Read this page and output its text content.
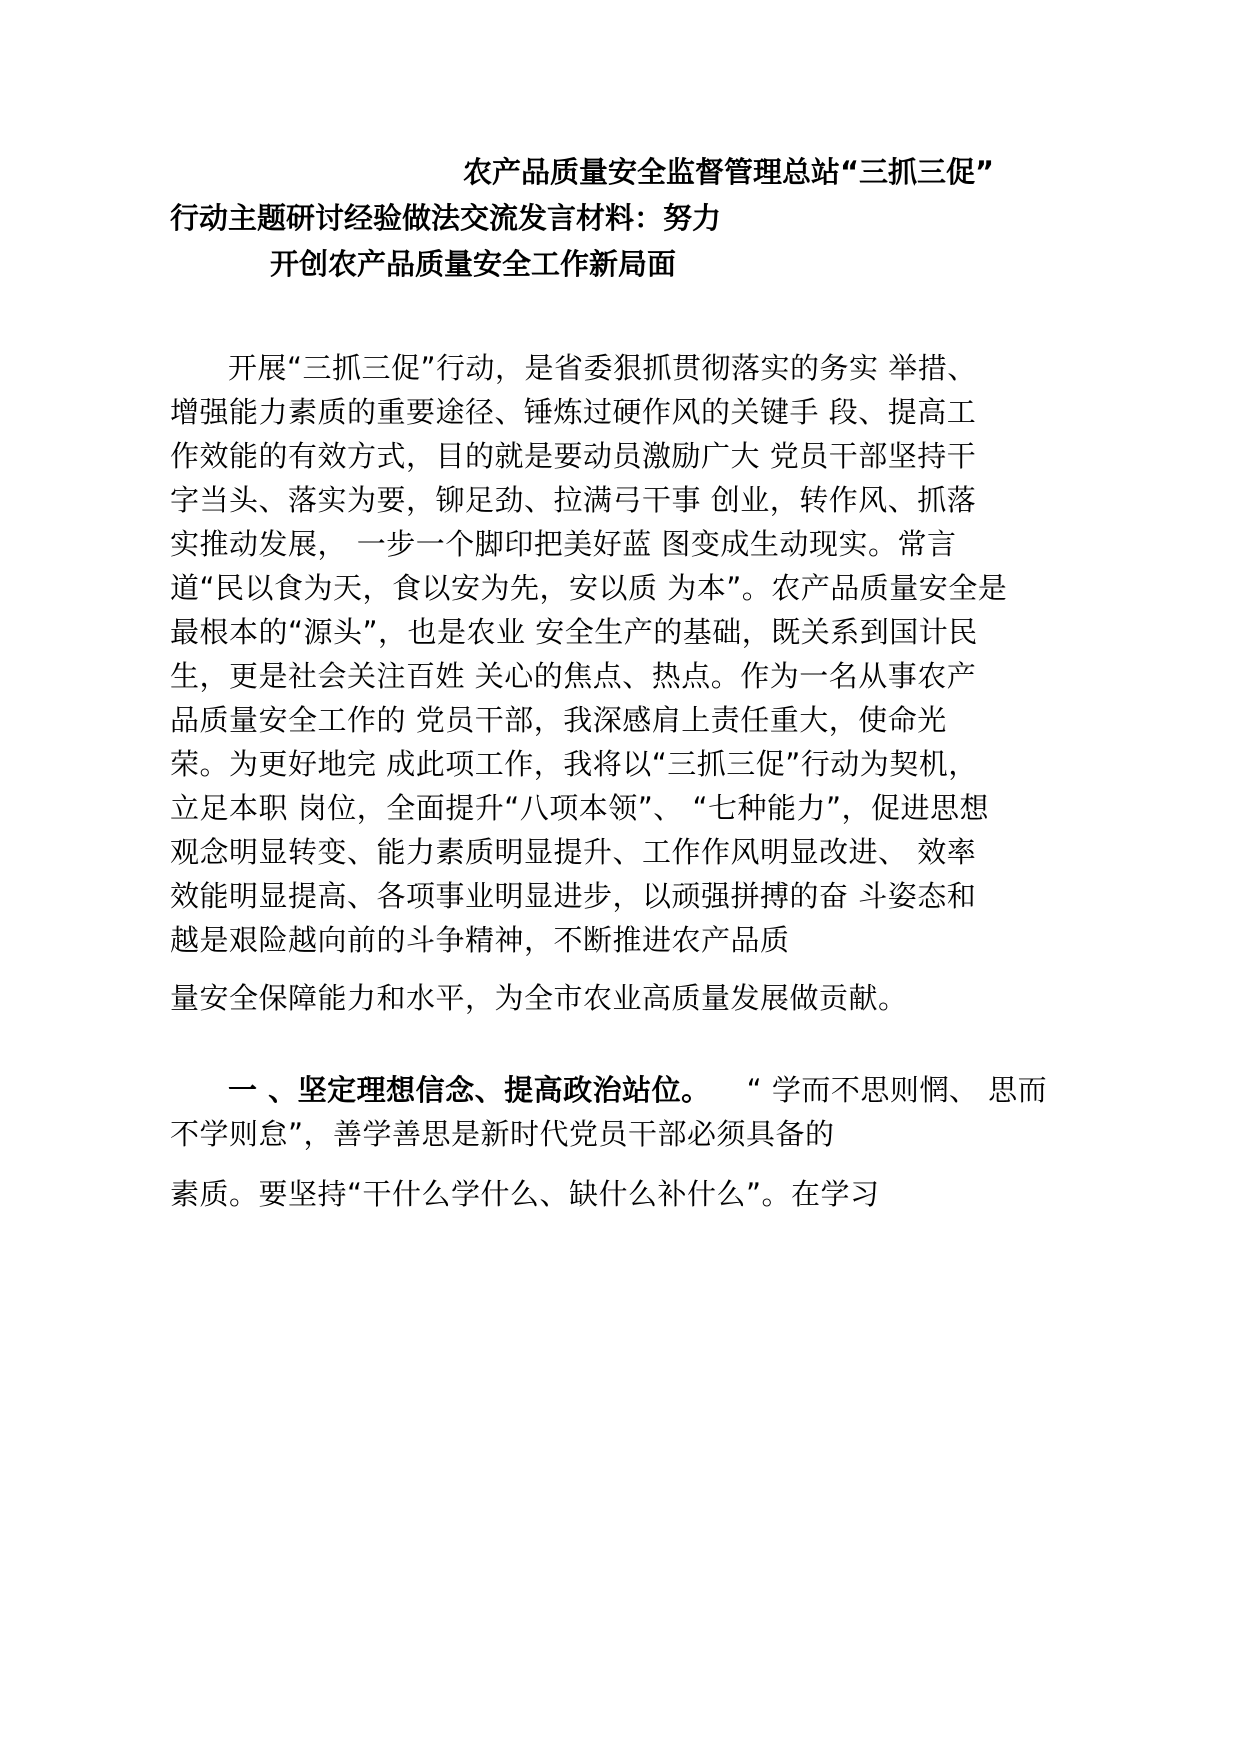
农产品质量安全监督管理总站“三抓三促”

行动主题研讨经验做法交流发言材料：努力

开创农产品质量安全工作新局面

开展“三抓三促”行动，是省委狠抓贯彻落实的务实 举措、

增强能力素质的重要途径、锤炼过硬作风的关键手 段、提高工

作效能的有效方式，目的就是要动员激励广大 党员干部坚持干

字当头、落实为要，铆足劲、拉满弓干事 创业，转作风、抓落

实推动发展， 一步一个脚印把美好蓝 图变成生动现实。常言

道“民以食为天，食以安为先，安以质 为本”。农产品质量安全是

最根本的“源头”，也是农业 安全生产的基础，既关系到国计民

生，更是社会关注百姓 关心的焦点、热点。作为一名从事农产

品质量安全工作的 党员干部，我深感肩上责任重大，使命光

荣。为更好地完 成此项工作，我将以“三抓三促”行动为契机，

立足本职 岗位，全面提升“八项本领”、 “七种能力”，促进思想

观念明显转变、能力素质明显提升、工作作风明显改进、 效率

效能明显提高、各项事业明显进步，以顽强拼搏的奋 斗姿态和

越是艰险越向前的斗争精神，不断推进农产品质

量安全保障能力和水平，为全市农业高质量发展做贡献。

一 、坚定理想信念、提高政治站位。 “ 学而不思则惘、 思而

不学则怠”，善学善思是新时代党员干部必须具备的

素质。要坚持“干什么学什么、缺什么补什么”。在学习
